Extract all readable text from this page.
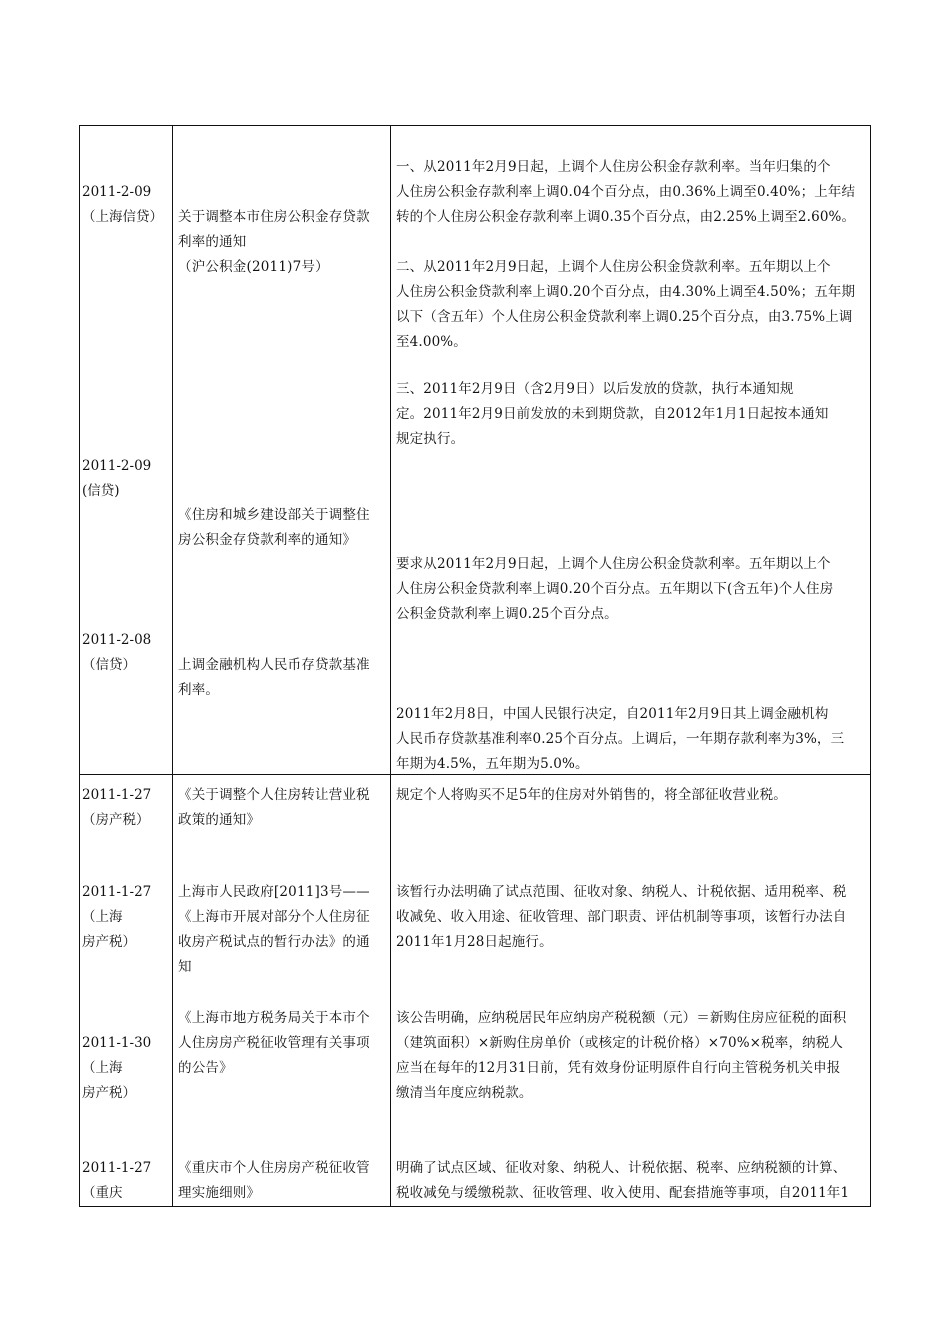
2011-2-09
（上海信贷）	关于调整本市住房公积金存贷款
利率的通知
（沪公积金(2011)7号）
一、从2011年2月9日起，上调个人住房公积金存款利率。当年归集的个
人住房公积金存款利率上调0.04个百分点，由0.36%上调至0.40%；上年结
转的个人住房公积金存款利率上调0.35个百分点，由2.25%上调至2.60%。
二、从2011年2月9日起，上调个人住房公积金贷款利率。五年期以上个
人住房公积金贷款利率上调0.20个百分点，由4.30%上调至4.50%；五年期
以下（含五年）个人住房公积金贷款利率上调0.25个百分点，由3.75%上调
至4.00%。
三、2011年2月9日（含2月9日）以后发放的贷款，执行本通知规
定。2011年2月9日前发放的未到期贷款，自2012年1月1日起按本通知
规定执行。
2011-2-09
(信贷)
《住房和城乡建设部关于调整住
房公积金存贷款利率的通知》
要求从2011年2月9日起，上调个人住房公积金贷款利率。五年期以上个
人住房公积金贷款利率上调0.20个百分点。五年期以下(含五年)个人住房
公积金贷款利率上调0.25个百分点。
2011-2-08
（信贷）	上调金融机构人民币存贷款基准
利率。
2011年2月8日，中国人民银行决定，自2011年2月9日其上调金融机构
人民币存贷款基准利率0.25个百分点。上调后，一年期存款利率为3%，三
年期为4.5%，五年期为5.0%。
2011-1-27
（房产税）
《关于调整个人住房转让营业税
政策的通知》
规定个人将购买不足5年的住房对外销售的，将全部征收营业税。
2011-1-27
（上海
房产税）
上海市人民政府[2011]3号——
《上海市开展对部分个人住房征
收房产税试点的暂行办法》的通
知
该暂行办法明确了试点范围、征收对象、纳税人、计税依据、适用税率、税
收减免、收入用途、征收管理、部门职责、评估机制等事项，该暂行办法自
2011年1月28日起施行。
2011-1-30
（上海
房产税）
《上海市地方税务局关于本市个
人住房房产税征收管理有关事项
的公告》
该公告明确，应纳税居民年应纳房产税税额（元）＝新购住房应征税的面积
（建筑面积）×新购住房单价（或核定的计税价格）×70%×税率，纳税人
应当在每年的12月31日前，凭有效身份证明原件自行向主管税务机关申报
缴清当年度应纳税款。
2011-1-27
（重庆
《重庆市个人住房房产税征收管
理实施细则》
明确了试点区域、征收对象、纳税人、计税依据、税率、应纳税额的计算、
税收减免与缓缴税款、征收管理、收入使用、配套措施等事项，自2011年1
